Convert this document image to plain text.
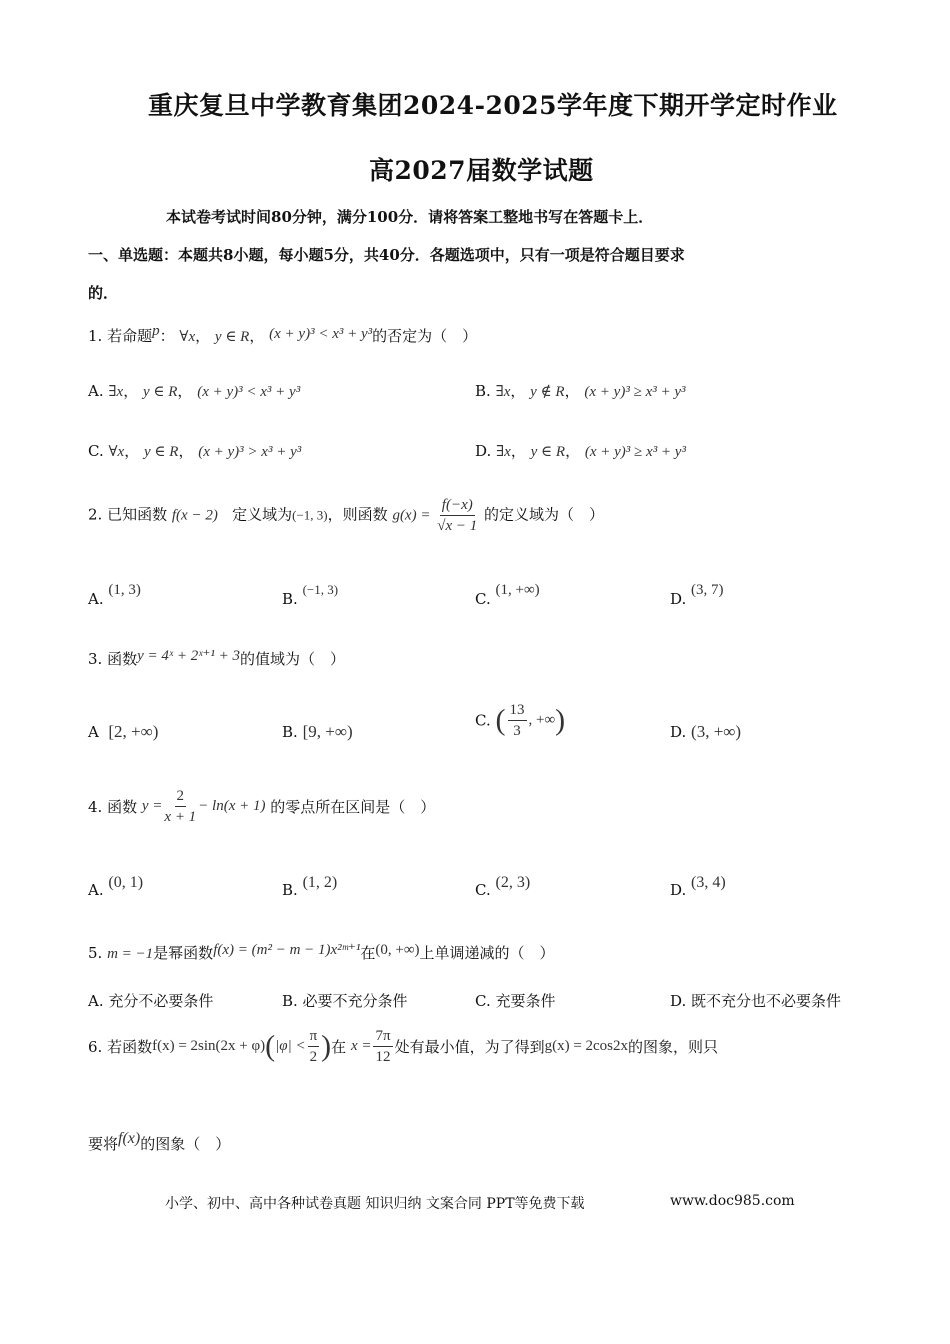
重庆复旦中学教育集团2024-2025学年度下期开学定时作业
高2027届数学试题
本试卷考试时间80分钟，满分100分．请将答案工整地书写在答题卡上．
一、单选题：本题共8小题，每小题5分，共40分．各题选项中，只有一项是符合题目要求
的．
1. 若命题p： ∀x， y ∈ R， (x + y)³ < x³ + y³的否定为（　）
A. ∃x， y ∈ R， (x + y)³ < x³ + y³	B. ∃x， y ∉ R， (x + y)³ ≥ x³ + y³
C. ∀x， y ∈ R， (x + y)³ > x³ + y³	D. ∃x， y ∈ R， (x + y)³ ≥ x³ + y³
2. 已知函数 f(x − 2) 定义域为(−1, 3)，则函数 $g(x) = \frac{f(-x)}{√x - 1}$ 的定义域为（　）
A. (1, 3)	B. (−1, 3)
C. (1, +∞)	D. (3, 7)
3. 函数y = 4ˣ + 2ˣ⁺¹ + 3的值域为（　）
A [2, +∞)	B. [9, +∞)
C. ( $\frac{13}{3}$ , +∞)	D. (3, +∞)
4. 函数 $y = \frac{2}{x + 1} - \ln(x + 1)$ 的零点所在区间是（　）
A. (0, 1)	B. (1, 2)	C. (2, 3)	D. (3, 4)
5. m = −1是幂函数f(x) = (m² − m − 1)x²ᵐ⁺¹在(0, +∞)上单调递减的（　）
A. 充分不必要条件	B. 必要不充分条件	C. 充要条件	D. 既不充分也不必要条件
6. 若函数$f(x) = 2\sin(2x + \varphi)(|\varphi| < \frac{\pi}{2}$ )在 $x = \frac{7\pi}{12}$ 处有最小值，为了得到g(x) = 2cos2x的图象，则只
要将f(x)的图象（　）
小学、初中、高中各种试卷真题 知识归纳 文案合同 PPT等免费下载	www.doc985.com
